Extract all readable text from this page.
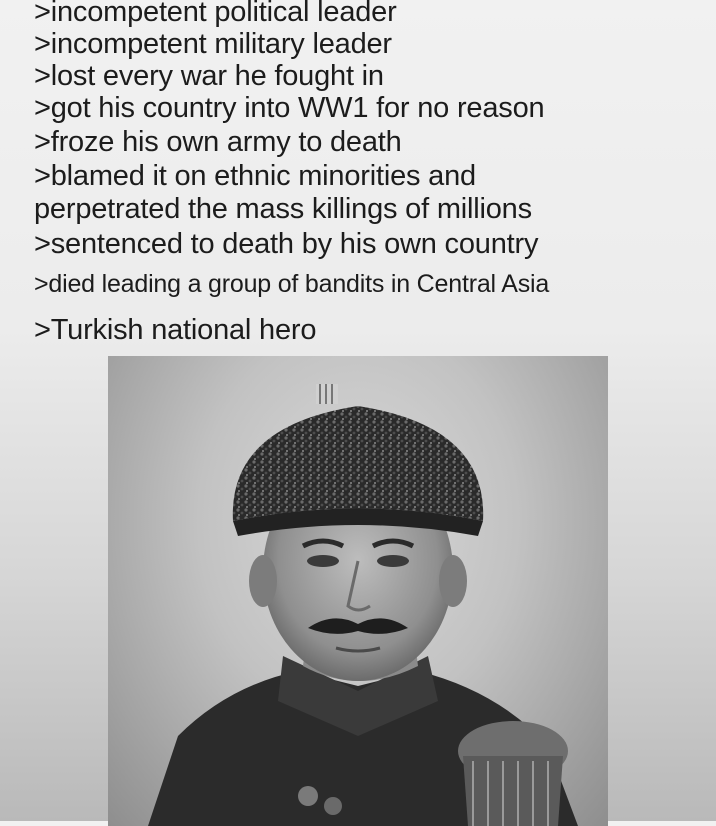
>incompetent political leader
>incompetent military leader
>lost every war he fought in
>got his country into WW1 for no reason
>froze his own army to death
>blamed it on ethnic minorities and
perpetrated the mass killings of millions
>sentenced to death by his own country
>died leading a group of bandits in Central Asia
>Turkish national hero
